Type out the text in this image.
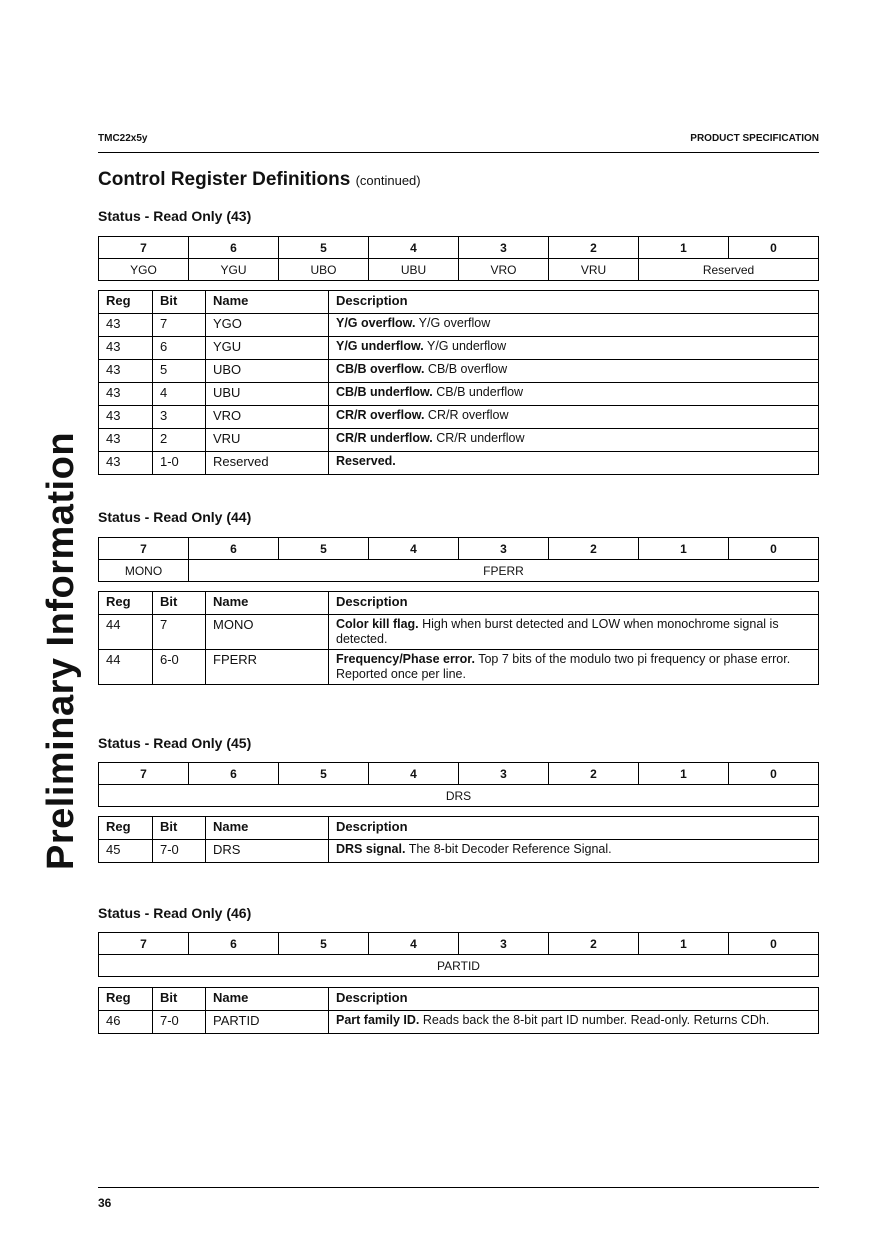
TMC22x5y	PRODUCT SPECIFICATION
Preliminary Information
Control Register Definitions (continued)
Status - Read Only (43)
7	6	5	4	3	2	1	0
YGO	YGU	UBO	UBU	VRO	VRU	Reserved	
Reg	Bit	Name	Description
43	7	YGO	Y/G overflow. Y/G overflow
43	6	YGU	Y/G underflow. Y/G underflow
43	5	UBO	CB/B overflow. CB/B overflow
43	4	UBU	CB/B underflow. CB/B underflow
43	3	VRO	CR/R overflow. CR/R overflow
43	2	VRU	CR/R underflow. CR/R underflow
43	1-0	Reserved	Reserved.
Status - Read Only (44)
7	6	5	4	3	2	1	0
MONO	FPERR						
Reg	Bit	Name	Description
44	7	MONO	Color kill flag. High when burst detected and LOW when monochrome signal is detected.
44	6-0	FPERR	Frequency/Phase error. Top 7 bits of the modulo two pi frequency or phase error. Reported once per line.
Status - Read Only (45)
7	6	5	4	3	2	1	0
DRS
Reg	Bit	Name	Description
45	7-0	DRS	DRS signal. The 8-bit Decoder Reference Signal.
Status - Read Only (46)
7	6	5	4	3	2	1	0
PARTID
Reg	Bit	Name	Description
46	7-0	PARTID	Part family ID. Reads back the 8-bit part ID number. Read-only. Returns CDh.
36
